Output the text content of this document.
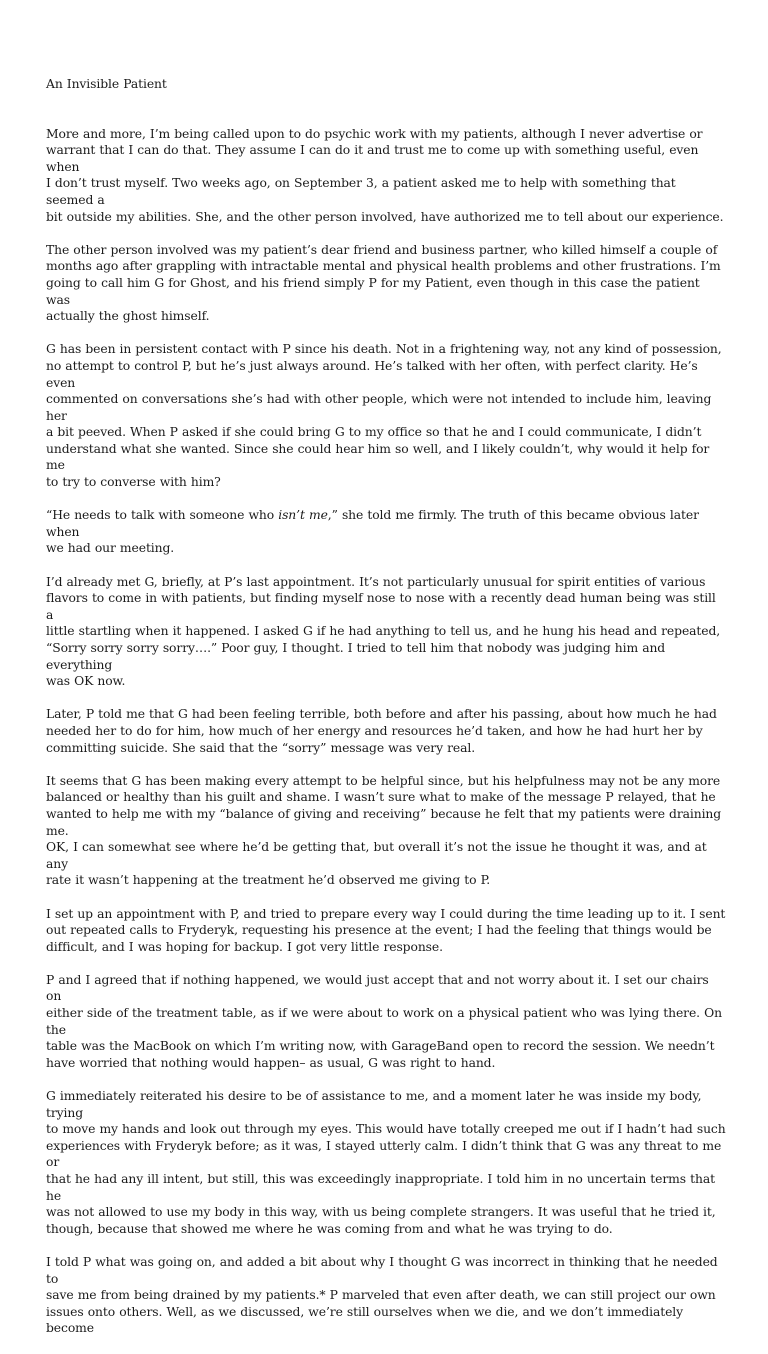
An Invisible Patient

More and more, I’m being called upon to do psychic work with my patients, although I never advertise or
warrant that I can do that. They assume I can do it and trust me to come up with something useful, even when
I don’t trust myself. Two weeks ago, on September 3, a patient asked me to help with something that seemed a
bit outside my abilities. She, and the other person involved, have authorized me to tell about our experience.

The other person involved was my patient’s dear friend and business partner, who killed himself a couple of
months ago after grappling with intractable mental and physical health problems and other frustrations. I’m
going to call him G for Ghost, and his friend simply P for my Patient, even though in this case the patient was
actually the ghost himself.

G has been in persistent contact with P since his death. Not in a frightening way, not any kind of possession,
no attempt to control P, but he’s just always around. He’s talked with her often, with perfect clarity. He’s even
commented on conversations she’s had with other people, which were not intended to include him, leaving her
a bit peeved. When P asked if she could bring G to my office so that he and I could communicate, I didn’t
understand what she wanted. Since she could hear him so well, and I likely couldn’t, why would it help for me
to try to converse with him?

“He needs to talk with someone who isn’t me,” she told me firmly. The truth of this became obvious later when
we had our meeting.

I’d already met G, briefly, at P’s last appointment. It’s not particularly unusual for spirit entities of various
flavors to come in with patients, but finding myself nose to nose with a recently dead human being was still a
little startling when it happened. I asked G if he had anything to tell us, and he hung his head and repeated,
“Sorry sorry sorry sorry….” Poor guy, I thought. I tried to tell him that nobody was judging him and everything
was OK now.

Later, P told me that G had been feeling terrible, both before and after his passing, about how much he had
needed her to do for him, how much of her energy and resources he’d taken, and how he had hurt her by
committing suicide. She said that the “sorry” message was very real.

It seems that G has been making every attempt to be helpful since, but his helpfulness may not be any more
balanced or healthy than his guilt and shame. I wasn’t sure what to make of the message P relayed, that he
wanted to help me with my “balance of giving and receiving” because he felt that my patients were draining me.
OK, I can somewhat see where he’d be getting that, but overall it’s not the issue he thought it was, and at any
rate it wasn’t happening at the treatment he’d observed me giving to P.

I set up an appointment with P, and tried to prepare every way I could during the time leading up to it. I sent
out repeated calls to Fryderyk, requesting his presence at the event; I had the feeling that things would be
difficult, and I was hoping for backup. I got very little response.

P and I agreed that if nothing happened, we would just accept that and not worry about it. I set our chairs on
either side of the treatment table, as if we were about to work on a physical patient who was lying there. On the
table was the MacBook on which I’m writing now, with GarageBand open to record the session. We needn’t
have worried that nothing would happen– as usual, G was right to hand.

G immediately reiterated his desire to be of assistance to me, and a moment later he was inside my body, trying
to move my hands and look out through my eyes. This would have totally creeped me out if I hadn’t had such
experiences with Fryderyk before; as it was, I stayed utterly calm. I didn’t think that G was any threat to me or
that he had any ill intent, but still, this was exceedingly inappropriate. I told him in no uncertain terms that he
was not allowed to use my body in this way, with us being complete strangers. It was useful that he tried it,
though, because that showed me where he was coming from and what he was trying to do.

I told P what was going on, and added a bit about why I thought G was incorrect in thinking that he needed to
save me from being drained by my patients.* P marveled that even after death, we can still project our own
issues onto others. Well, as we discussed, we’re still ourselves when we die, and we don’t immediately become
